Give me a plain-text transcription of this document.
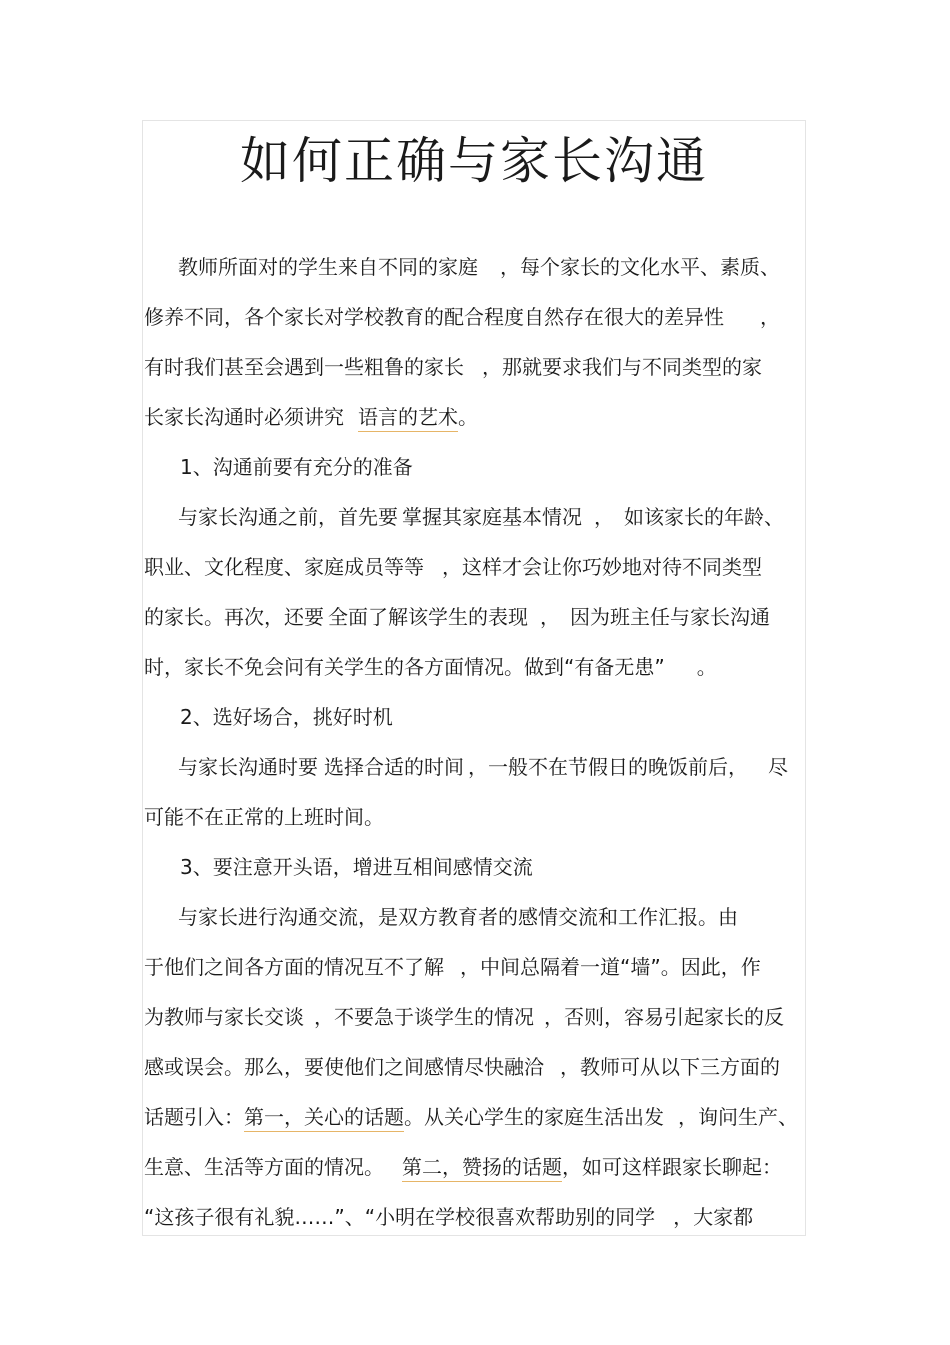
如何正确与家长沟通
教师所面对的学生来自不同的家庭 ，每个家长的文化水平、素质、
修养不同，各个家长对学校教育的配合程度自然存在很大的差异性 ，
有时我们甚至会遇到一些粗鲁的家长 ，那就要求我们与不同类型的家
长家长沟通时必须讲究 语言的艺术。
1、沟通前要有充分的准备
与家长沟通之前，首先要 掌握其家庭基本情况 ， 如该家长的年龄、
职业、文化程度、家庭成员等等 ，这样才会让你巧妙地对待不同类型
的家长。再次，还要 全面了解该学生的表现 ， 因为班主任与家长沟通
时，家长不免会问有关学生的各方面情况。做到“有备无患” 。
2、选好场合，挑好时机
与家长沟通时要 选择合适的时间 ，一般不在节假日的晚饭前后， 尽
可能不在正常的上班时间。
3、要注意开头语，增进互相间感情交流
与家长进行沟通交流，是双方教育者的感情交流和工作汇报。由
于他们之间各方面的情况互不了解 ，中间总隔着一道“墙”。因此，作
为教师与家长交谈 ，不要急于谈学生的情况 ，否则，容易引起家长的反
感或误会。那么，要使他们之间感情尽快融洽 ，教师可从以下三方面的
话题引入：第一，关心的话题。从关心学生的家庭生活出发 ，询问生产、
生意、生活等方面的情况。 第二，赞扬的话题，如可这样跟家长聊起：
“这孩子很有礼貌……”、“小明在学校很喜欢帮助别的同学 ，大家都
